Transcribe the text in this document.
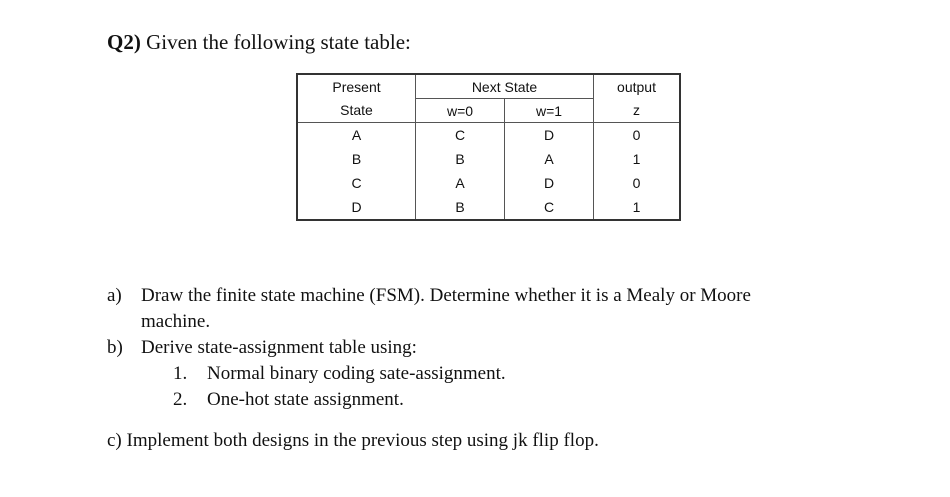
Q2) Given the following state table:
Present	Next State		output
State	w=0	w=1	z
A	C	D	0
B	B	A	1
C	A	D	0
D	B	C	1
a) Draw the finite state machine (FSM). Determine whether it is a Mealy or Moore
machine.
b) Derive state-assignment table using:
1. Normal binary coding sate-assignment.
2. One-hot state assignment.
c) Implement both designs in the previous step using jk flip flop.
